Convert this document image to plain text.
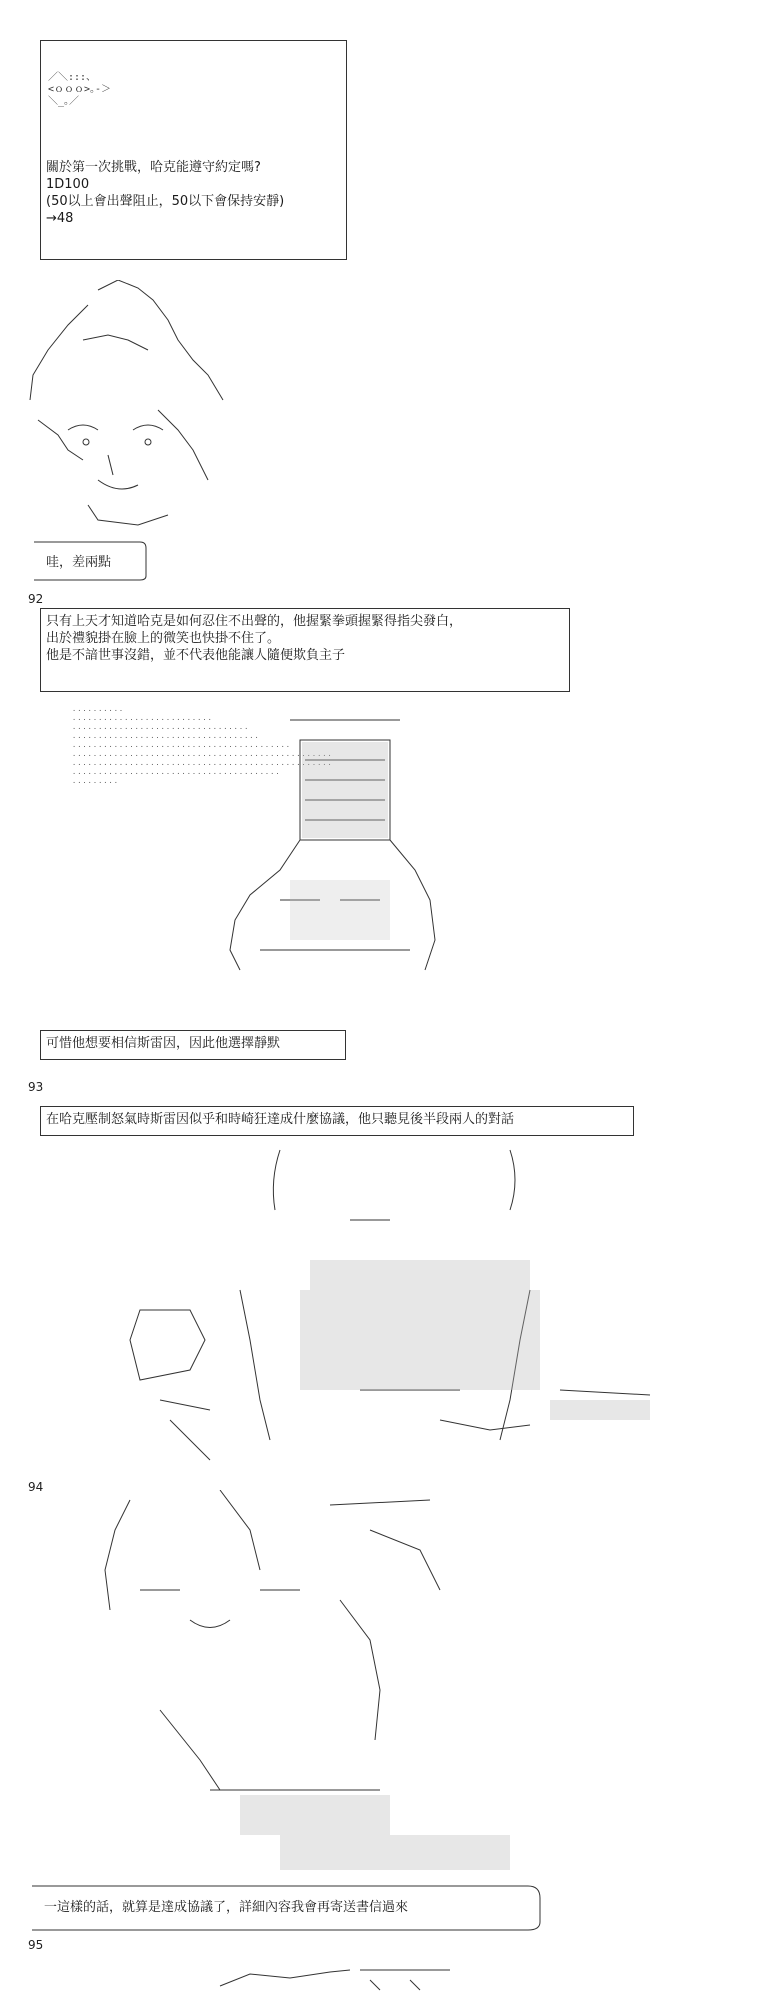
／＼:::、
<ｏｏｏ>｡-＞
＼_｡／
關於第一次挑戰，哈克能遵守約定嗎?
1D100
(50以上會出聲阻止，50以下會保持安靜)
→48
哇，差兩點
92
只有上天才知道哈克是如何忍住不出聲的，他握緊拳頭握緊得指尖發白，
出於禮貌掛在臉上的微笑也快掛不住了。
他是不諳世事沒錯，並不代表他能讓人隨便欺負主子
..........
...........................
..................................
....................................
..........................................
..................................................
..................................................
........................................
.........
可惜他想要相信斯雷因，因此他選擇靜默
93
在哈克壓制怒氣時斯雷因似乎和時崎狂達成什麼協議，他只聽見後半段兩人的對話
94
一這樣的話，就算是達成協議了，詳細內容我會再寄送書信過來
95
